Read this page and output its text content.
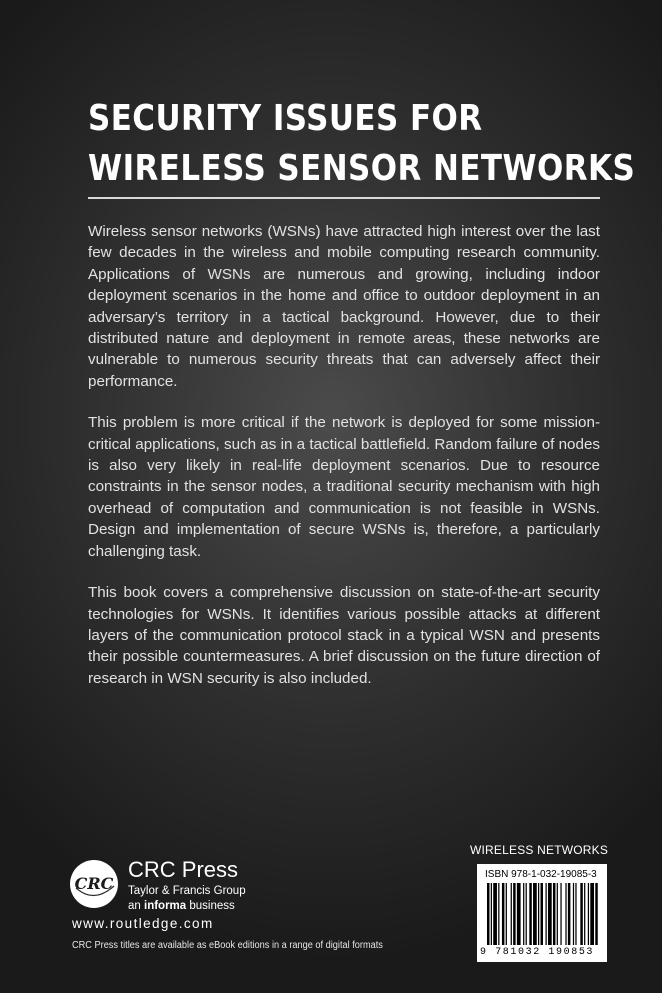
SECURITY ISSUES FOR
WIRELESS SENSOR NETWORKS

Wireless sensor networks (WSNs) have attracted high interest over the last few decades in the wireless and mobile computing research community. Applications of WSNs are numerous and growing, including indoor deployment scenarios in the home and office to outdoor deployment in an adversary’s territory in a tactical background. However, due to their distributed nature and deployment in remote areas, these networks are vulnerable to numerous security threats that can adversely affect their performance.

This problem is more critical if the network is deployed for some mission-critical applications, such as in a tactical battlefield. Random failure of nodes is also very likely in real-life deployment scenarios. Due to resource constraints in the sensor nodes, a traditional security mechanism with high overhead of computation and communication is not feasible in WSNs. Design and implementation of secure WSNs is, therefore, a particularly challenging task.

This book covers a comprehensive discussion on state-of-the-art security technologies for WSNs. It identifies various possible attacks at different layers of the communication protocol stack in a typical WSN and presents their possible countermeasures. A brief discussion on the future direction of research in WSN security is also included.

WIRELESS NETWORKS
ISBN 978-1-032-19085-3
9 781032 190853
CRC
CRC Press
Taylor & Francis Group
an informa business
www.routledge.com
CRC Press titles are available as eBook editions in a range of digital formats
